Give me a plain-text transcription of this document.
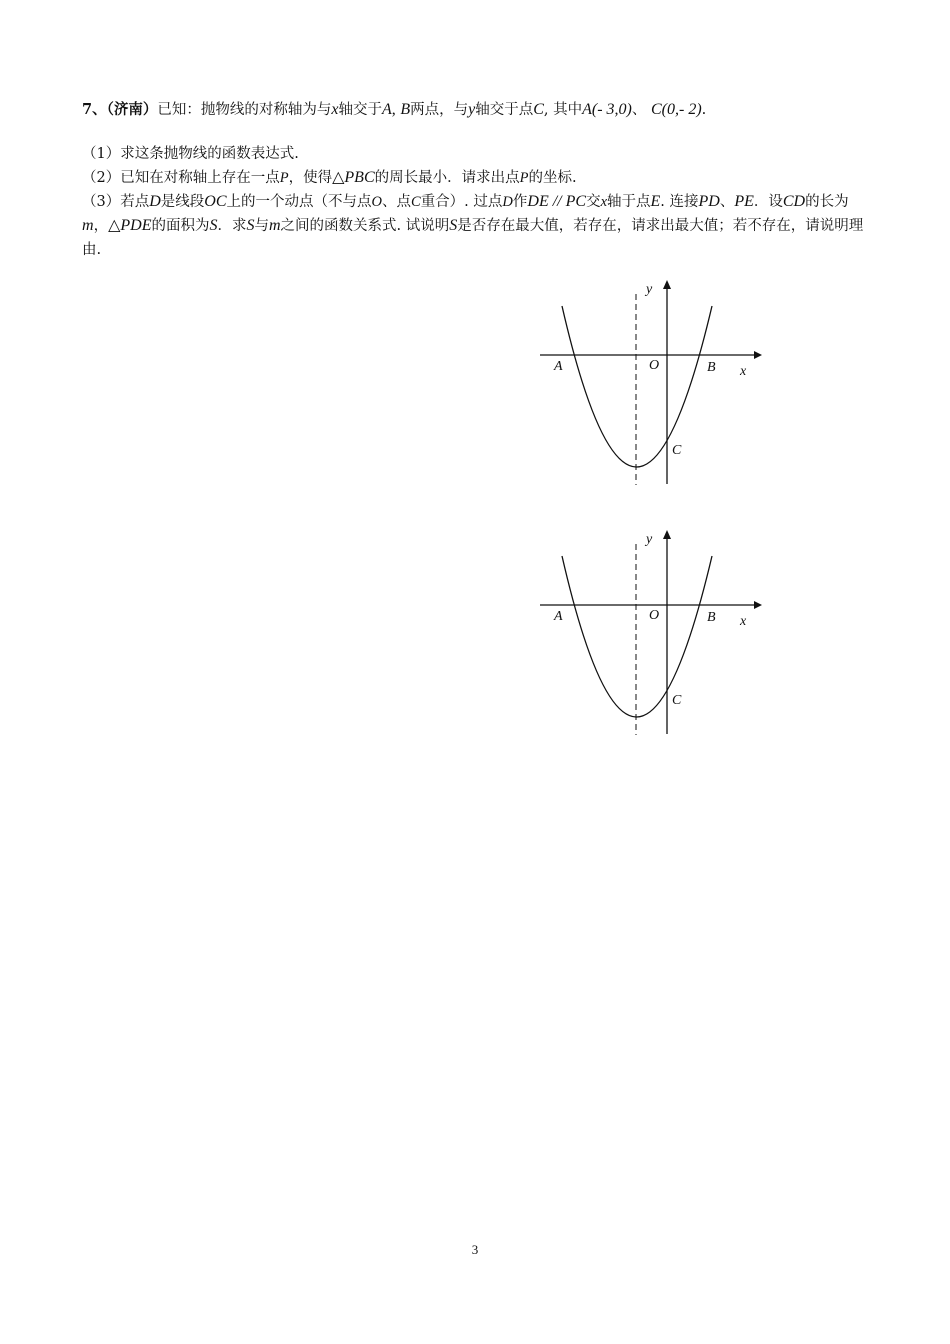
7、（济南）已知：抛物线的对称轴为与x轴交于A, B两点，与y轴交于点C, 其中A(- 3,0)、 C(0,- 2).

（1）求这条抛物线的函数表达式.

（2）已知在对称轴上存在一点P，使得△PBC的周长最小．请求出点P的坐标.

（3）若点D是线段OC上的一个动点（不与点O、点C重合）. 过点D作DE // PC交x轴于点E. 连接PD、PE．设CD的长为m，△PDE的面积为S．求S与m之间的函数关系式. 试说明S是否存在最大值，若存在，请求出最大值；若不存在，请说明理由.

y
x
A	O	B
C
y
x
A	O	B
C
3
